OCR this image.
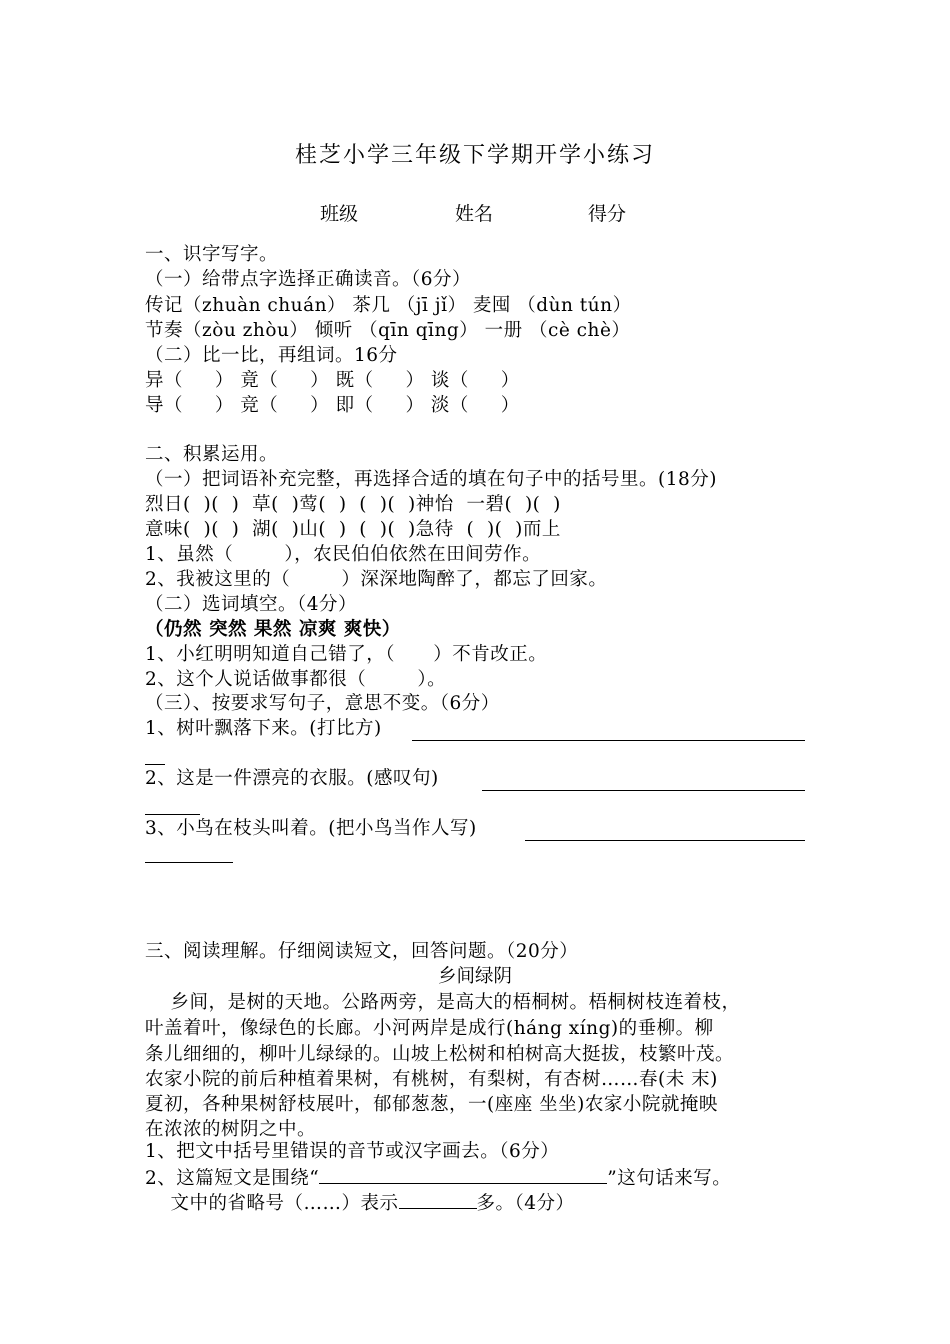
桂芝小学三年级下学期开学小练习
班级	姓名	得分
一、识字写字。
（一）给带点字选择正确读音。（6分）
传记（zhuàn chuán） 茶几 （jī jǐ） 麦囤 （dùn tún）
节奏（zòu zhòu） 倾听 （qīn qīng） 一册 （cè chè）
（二）比一比，再组词。16分
异（     ） 竟（     ） 既（     ） 谈（     ）
导（     ） 竞（     ） 即（     ） 淡（     ）
二、积累运用。
（一）把词语补充完整，再选择合适的填在句子中的括号里。(18分)
烈日(  )(  )  草(  )莺(  )  (  )(  )神怡  一碧(  )(  )
意味(  )(  )  湖(  )山(  )  (  )(  )急待  (  )(  )而上
1、虽然（        ），农民伯伯依然在田间劳作。
2、我被这里的（        ）深深地陶醉了，都忘了回家。
（二）选词填空。（4分）
（仍然 突然 果然 凉爽 爽快）
1、小红明明知道自己错了，（      ）不肯改正。
2、这个人说话做事都很（        ）。
（三）、按要求写句子，意思不变。（6分）
1、树叶飘落下来。(打比方)
2、这是一件漂亮的衣服。(感叹句)
3、小鸟在枝头叫着。(把小鸟当作人写)
三、阅读理解。仔细阅读短文，回答问题。（20分）
乡间绿阴
乡间，是树的天地。公路两旁，是高大的梧桐树。梧桐树枝连着枝，
叶盖着叶，像绿色的长廊。小河两岸是成行(háng xíng)的垂柳。柳
条儿细细的，柳叶儿绿绿的。山坡上松树和柏树高大挺拔，枝繁叶茂。
农家小院的前后种植着果树，有桃树，有梨树，有杏树……春(未 末)
夏初，各种果树舒枝展叶，郁郁葱葱，一(座座 坐坐)农家小院就掩映
在浓浓的树阴之中。
1、把文中括号里错误的音节或汉字画去。（6分）
2、这篇短文是围绕“	”这句话来写。
文中的省略号（……）表示	多。（4分）
